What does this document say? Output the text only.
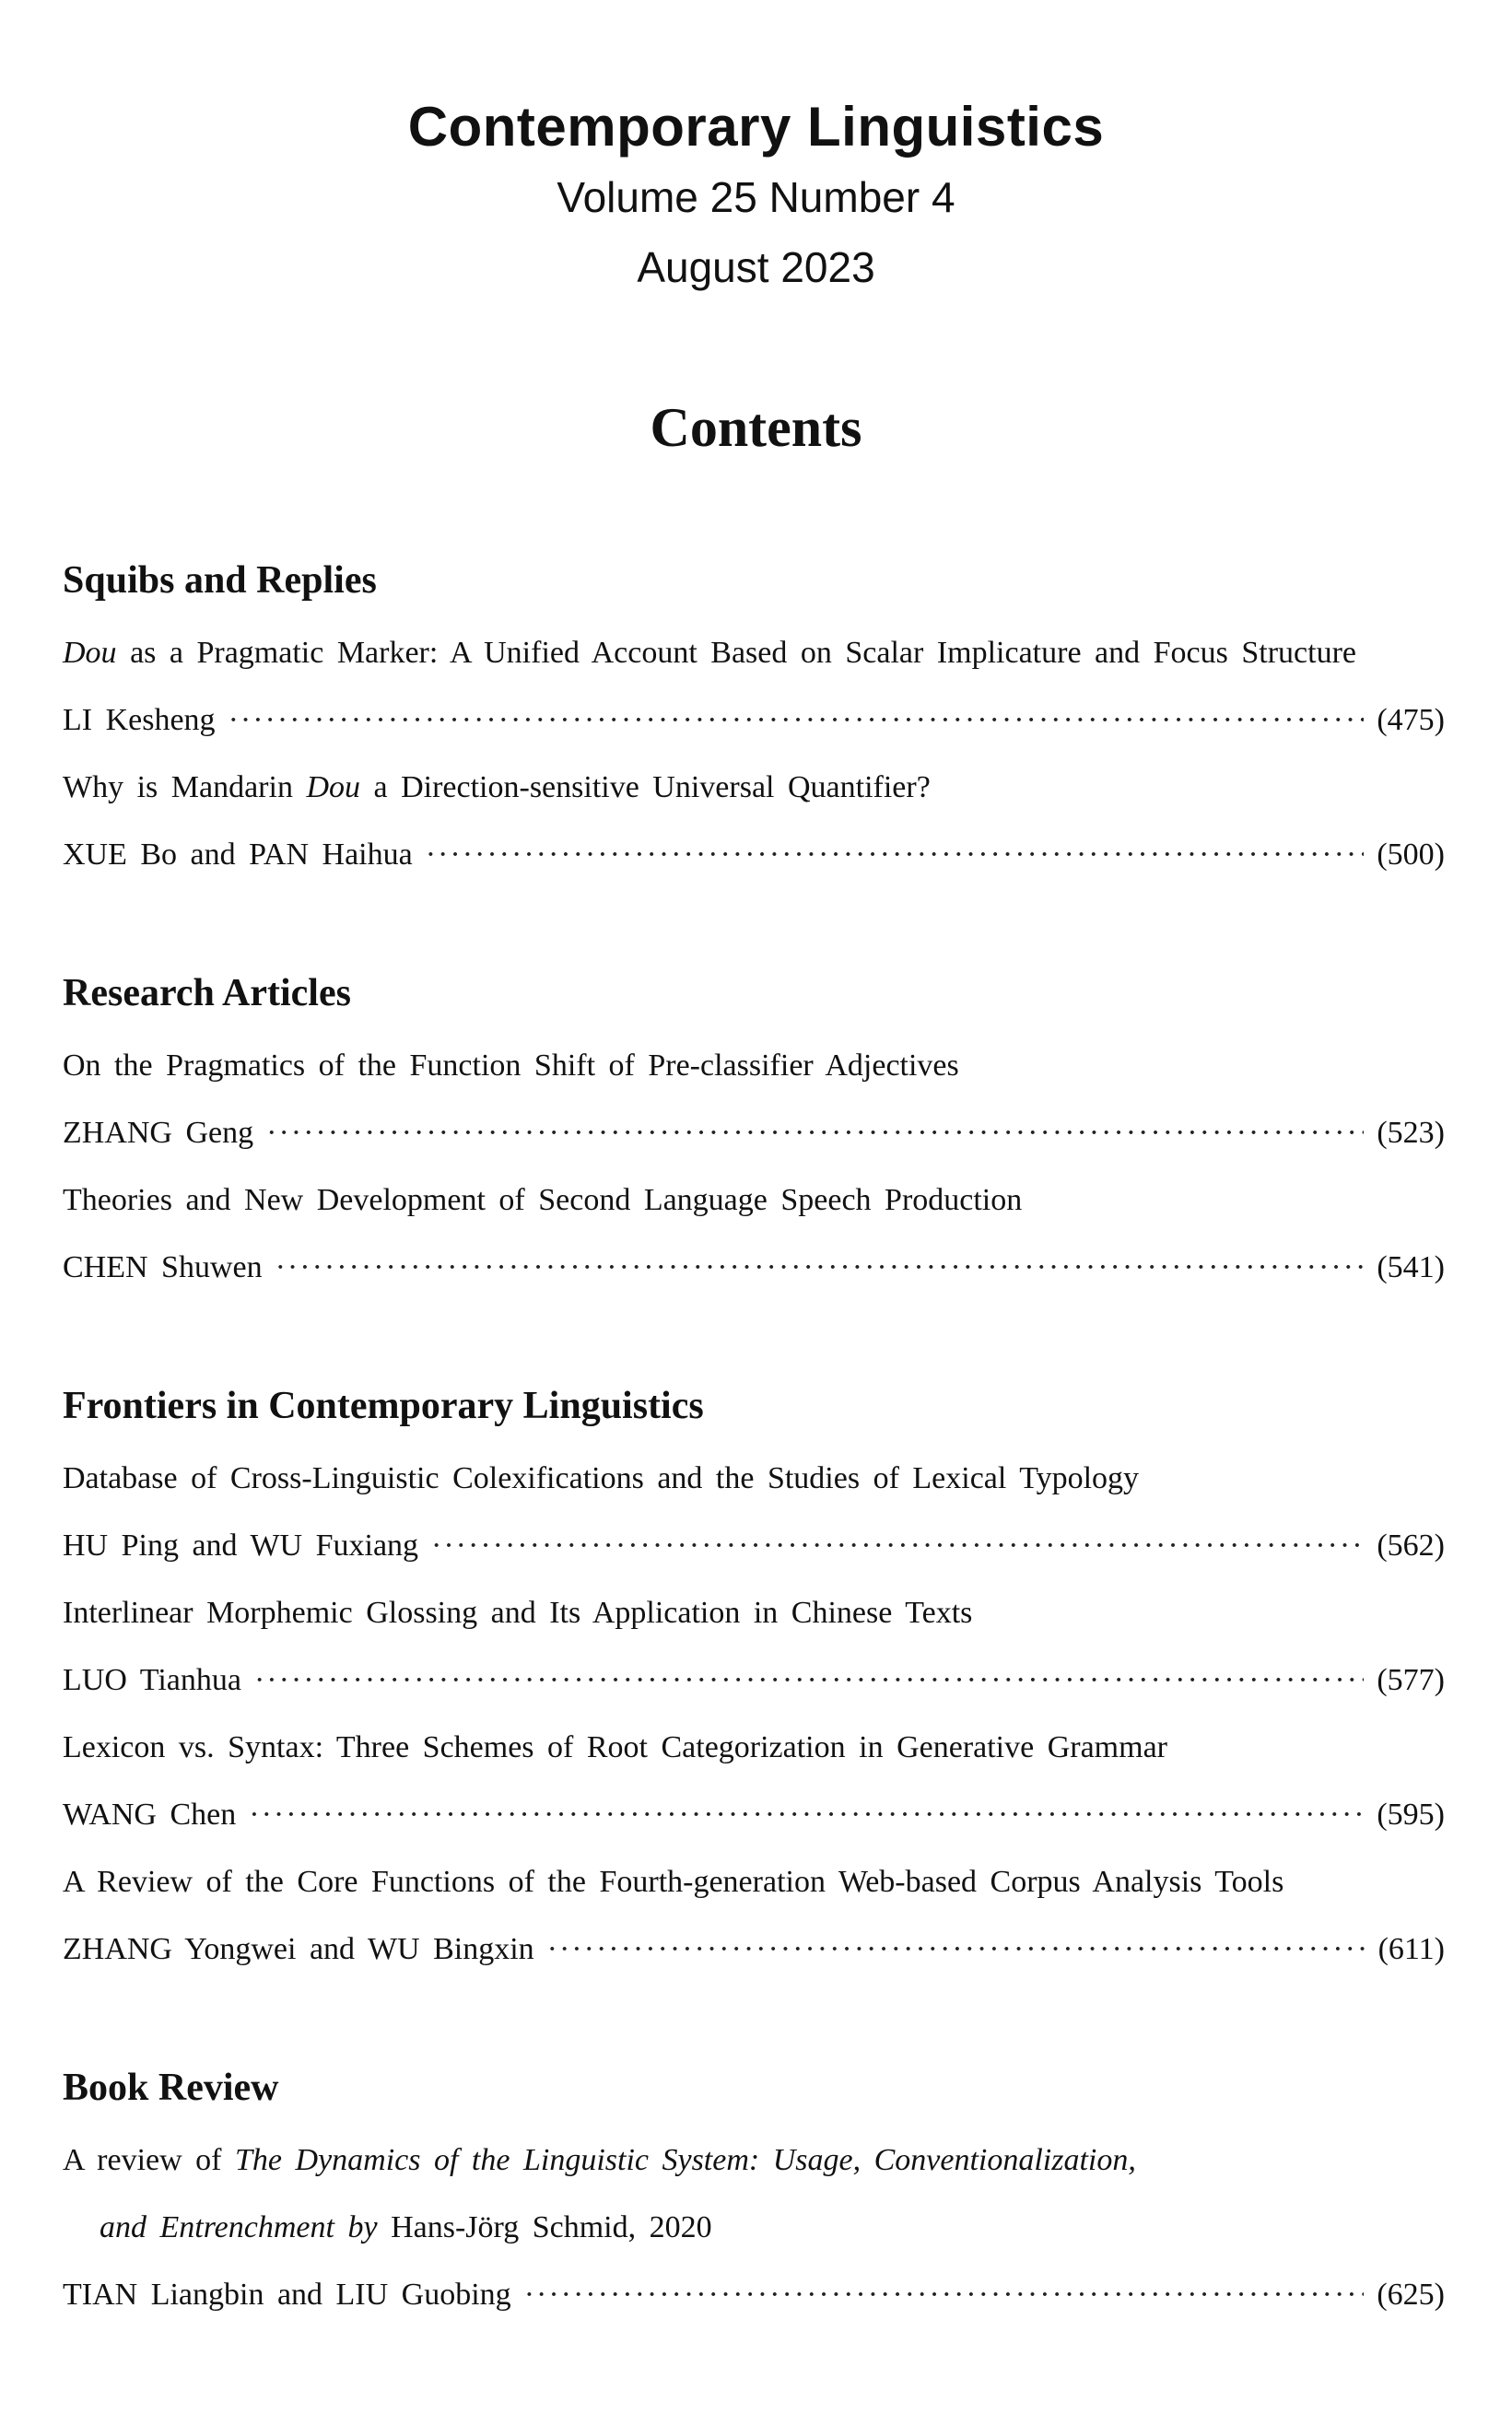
Contemporary Linguistics

Volume 25 Number 4

August 2023

Contents
Squibs and Replies
Dou as a Pragmatic Marker: A Unified Account Based on Scalar Implicature and Focus Structure
LI Kesheng ·····	(475)
Why is Mandarin Dou a Direction-sensitive Universal Quantifier?
XUE Bo and PAN Haihua ·····	(500)
Research Articles
On the Pragmatics of the Function Shift of Pre-classifier Adjectives
ZHANG Geng ·····	(523)
Theories and New Development of Second Language Speech Production
CHEN Shuwen ·····	(541)
Frontiers in Contemporary Linguistics
Database of Cross-Linguistic Colexifications and the Studies of Lexical Typology
HU Ping and WU Fuxiang ·····	(562)
Interlinear Morphemic Glossing and Its Application in Chinese Texts
LUO Tianhua ·····	(577)
Lexicon vs. Syntax: Three Schemes of Root Categorization in Generative Grammar
WANG Chen ·····	(595)
A Review of the Core Functions of the Fourth-generation Web-based Corpus Analysis Tools
ZHANG Yongwei and WU Bingxin ·····	(611)
Book Review
A review of The Dynamics of the Linguistic System: Usage, Conventionalization,
and Entrenchment by Hans-Jörg Schmid, 2020
TIAN Liangbin and LIU Guobing ·····	(625)
